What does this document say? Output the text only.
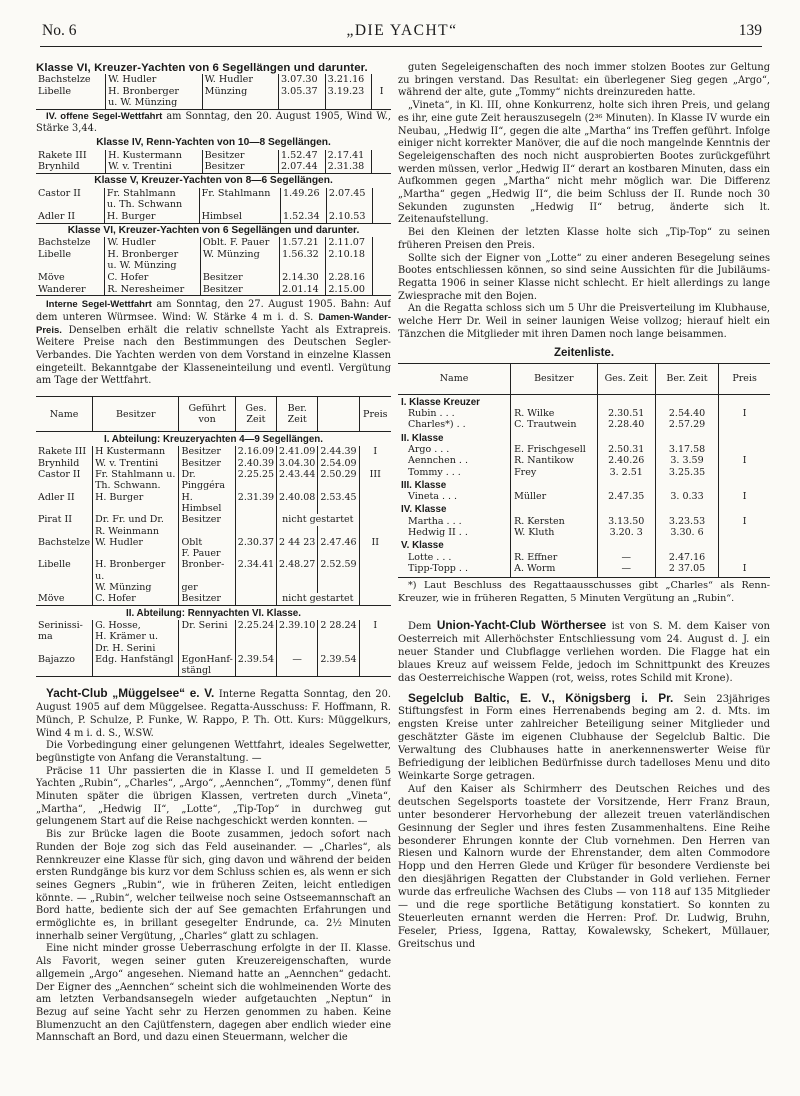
No. 6	„DIE YACHT“	139
Klasse VI, Kreuzer-Yachten von 6 Segellängen und darunter.
Bachstelze	W. Hudler	W. Hudler	3.07.30	3.21.16	
Libelle	H. Bronberger	Münzing	3.05.37	3.19.23	I
	u. W. Münzing				

IV. offene Segel-Wettfahrt am Sonntag, den 20. August 1905, Wind W., Stärke 3,44.

Klasse IV, Renn-Yachten von 10—8 Segellängen.
Rakete III	H. Kustermann	Besitzer	1.52.47	2.17.41	
Brynhild	W. v. Trentini	Besitzer	2.07.44	2.31.38	
Klasse V, Kreuzer-Yachten von 8—6 Segellängen.
Castor II	Fr. Stahlmann	Fr. Stahlmann	1.49.26	2.07.45	
	u. Th. Schwann				
Adler II	H. Burger	Himbsel	1.52.34	2.10.53	
Klasse VI, Kreuzer-Yachten von 6 Segellängen und darunter.
Bachstelze	W. Hudler	Oblt. F. Pauer	1.57.21	2.11.07	
Libelle	H. Bronberger	W. Münzing	1.56.32	2.10.18	
	u. W. Münzing				
Möve	C. Hofer	Besitzer	2.14.30	2.28.16	
Wanderer	R. Neresheimer	Besitzer	2.01.14	2.15.00	

Interne Segel-Wettfahrt am Sonntag, den 27. August 1905. Bahn: Auf dem unteren Würmsee. Wind: W. Stärke 4 m i. d. S. Damen-Wander-Preis. Denselben erhält die relativ schnellste Yacht als Extrapreis. Weitere Preise nach den Bestimmungen des Deutschen Segler-Verbandes. Die Yachten werden von dem Vorstand in einzelne Klassen eingeteilt. Bekanntgabe der Klasseneinteilung und eventl. Vergütung am Tage der Wettfahrt.

Name	Besitzer	Geführt von	Ges. Zeit	Ber. Zeit		Preis
I. Abteilung: Kreuzeryachten 4—9 Segellängen.						
Rakete III	H Kustermann	Besitzer	2.16.09	2.41.09	2.44.39	I
Brynhild	W. v. Trentini	Besitzer	2.40.39	3.04.30	2.54.09	
Castor II	Fr. Stahlmann u.	Dr.	2.25.25	2.43.44	2.50.29	III
	Th. Schwann.	Pinggéra				
Adler II	H. Burger	H. Himbsel	2.31.39	2.40.08	2.53.45	
Pirat II	Dr. Fr. und Dr.	Besitzer		nicht gestartet		
	R. Weinmann					
Bachstelze	W. Hudler	Oblt	2.30.37	2 44 23	2.47.46	II
		F. Pauer				
Libelle	H. Bronberger u.	Bronber-	2.34.41	2.48.27	2.52.59	
	W. Münzing	ger				
Möve	C. Hofer	Besitzer		nicht gestartet		
II. Abteilung: Rennyachten VI. Klasse.						
Serinissi-	G. Hosse,	Dr. Serini	2.25.24	2.39.10	2 28.24	I
ma	H. Krämer u.					
	Dr. H. Serini					
Bajazzo	Edg. Hanfstängl	EgonHanf-	2.39.54	—	2.39.54	
		stängl				

Yacht-Club „Müggelsee“ e. V. Interne Regatta Sonntag, den 20. August 1905 auf dem Müggelsee. Regatta-Ausschuss: F. Hoffmann, R. Münch, P. Schulze, P. Funke, W. Rappo, P. Th. Ott. Kurs: Müggelkurs, Wind 4 m i. d. S., W.SW.

Die Vorbedingung einer gelungenen Wettfahrt, ideales Segelwetter, begünstigte von Anfang die Veranstaltung. —

Präcise 11 Uhr passierten die in Klasse I. und II gemeldeten 5 Yachten „Rubin“, „Charles“, „Argo“, „Aennchen“, „Tommy“, denen fünf Minuten später die übrigen Klassen, vertreten durch „Vineta“, „Martha“, „Hedwig II“, „Lotte“, „Tip-Top“ in durchweg gut gelungenem Start auf die Reise nachgeschickt werden konnten. —

Bis zur Brücke lagen die Boote zusammen, jedoch sofort nach Runden der Boje zog sich das Feld auseinander. — „Charles“, als Rennkreuzer eine Klasse für sich, ging davon und während der beiden ersten Rundgänge bis kurz vor dem Schluss schien es, als wenn er sich seines Gegners „Rubin“, wie in früheren Zeiten, leicht entledigen könnte. — „Rubin“, welcher teilweise noch seine Ostseemannschaft an Bord hatte, bediente sich der auf See gemachten Erfahrungen und ermöglichte es, in brillant gesegelter Endrunde, ca. 2½ Minuten innerhalb seiner Vergütung, „Charles“ glatt zu schlagen.

Eine nicht minder grosse Ueberraschung erfolgte in der II. Klasse. Als Favorit, wegen seiner guten Kreuzereigenschaften, wurde allgemein „Argo“ angesehen. Niemand hatte an „Aennchen“ gedacht. Der Eigner des „Aennchen“ scheint sich die wohlmeinenden Worte des am letzten Verbandsansegeln wieder aufgetauchten „Neptun“ in Bezug auf seine Yacht sehr zu Herzen genommen zu haben. Keine Blumenzucht an den Cajütfenstern, dagegen aber endlich wieder eine Mannschaft an Bord, und dazu einen Steuermann, welcher die

guten Segeleigenschaften des noch immer stolzen Bootes zur Geltung zu bringen verstand. Das Resultat: ein überlegener Sieg gegen „Argo“, während der alte, gute „Tommy“ nichts dreinzureden hatte.

„Vineta“, in Kl. III, ohne Konkurrenz, holte sich ihren Preis, und gelang es ihr, eine gute Zeit herauszusegeln (2³⁶ Minuten). In Klasse IV wurde ein Neubau, „Hedwig II“, gegen die alte „Martha“ ins Treffen geführt. Infolge einiger nicht korrekter Manöver, die auf die noch mangelnde Kenntnis der Segeleigenschaften des noch nicht ausprobierten Bootes zurückgeführt werden müssen, verlor „Hedwig II“ derart an kostbaren Minuten, dass ein Aufkommen gegen „Martha“ nicht mehr möglich war. Die Differenz „Martha“ gegen „Hedwig II“, die beim Schluss der II. Runde noch 30 Sekunden zugunsten „Hedwig II“ betrug, änderte sich lt. Zeitenaufstellung.

Bei den Kleinen der letzten Klasse holte sich „Tip-Top“ zu seinen früheren Preisen den Preis.

Sollte sich der Eigner von „Lotte“ zu einer anderen Besegelung seines Bootes entschliessen können, so sind seine Aussichten für die Jubiläums-Regatta 1906 in seiner Klasse nicht schlecht. Er hielt allerdings zu lange Zwiesprache mit den Bojen.

An die Regatta schloss sich um 5 Uhr die Preisverteilung im Klubhause, welche Herr Dr. Weil in seiner launigen Weise vollzog; hierauf hielt ein Tänzchen die Mitglieder mit ihren Damen noch lange beisammen.

Zeitenliste.
Name	Besitzer	Ges. Zeit	Ber. Zeit	Preis
I. Klasse Kreuzer				
Rubin . . .	R. Wilke	2.30.51	2.54.40	I
Charles*) . .	C. Trautwein	2.28.40	2.57.29	
II. Klasse				
Argo . . .	E. Frischgesell	2.50.31	3.17.58	
Aennchen . .	R. Nantikow	2.40.26	3. 3.59	I
Tommy . . .	Frey	3. 2.51	3.25.35	
III. Klasse				
Vineta . . .	Müller	2.47.35	3. 0.33	I
IV. Klasse				
Martha . . .	R. Kersten	3.13.50	3.23.53	I
Hedwig II . .	W. Kluth	3.20. 3	3.30. 6	
V. Klasse				
Lotte . . .	R. Effner	—	2.47.16	
Tipp-Topp . .	A. Worm	—	2 37.05	I

*) Laut Beschluss des Regattaausschusses gibt „Charles“ als Renn-Kreuzer, wie in früheren Regatten, 5 Minuten Vergütung an „Rubin“.

Dem Union-Yacht-Club Wörthersee ist von S. M. dem Kaiser von Oesterreich mit Allerhöchster Entschliessung vom 24. August d. J. ein neuer Stander und Clubflagge verliehen worden. Die Flagge hat ein blaues Kreuz auf weissem Felde, jedoch im Schnittpunkt des Kreuzes das Oesterreichische Wappen (rot, weiss, rotes Schild mit Krone).

Segelclub Baltic, E. V., Königsberg i. Pr. Sein 23jähriges Stiftungsfest in Form eines Herrenabends beging am 2. d. Mts. im engsten Kreise unter zahlreicher Beteiligung seiner Mitglieder und geschätzter Gäste im eigenen Clubhause der Segelclub Baltic. Die Verwaltung des Clubhauses hatte in anerkennenswerter Weise für Befriedigung der leiblichen Bedürfnisse durch tadelloses Menu und dito Weinkarte Sorge getragen.

Auf den Kaiser als Schirmherr des Deutschen Reiches und des deutschen Segelsports toastete der Vorsitzende, Herr Franz Braun, unter besonderer Hervorhebung der allezeit treuen vaterländischen Gesinnung der Segler und ihres festen Zusammenhaltens. Eine Reihe besonderer Ehrungen konnte der Club vornehmen. Den Herren van Riesen und Kalnorn wurde der Ehrenstander, dem alten Commodore Hopp und den Herren Glede und Krüger für besondere Verdienste bei den diesjährigen Regatten der Clubstander in Gold verliehen. Ferner wurde das erfreuliche Wachsen des Clubs — von 118 auf 135 Mitglieder — und die rege sportliche Betätigung konstatiert. So konnten zu Steuerleuten ernannt werden die Herren: Prof. Dr. Ludwig, Bruhn, Feseler, Priess, Iggena, Rattay, Kowalewsky, Schekert, Müllauer, Greitschus und
